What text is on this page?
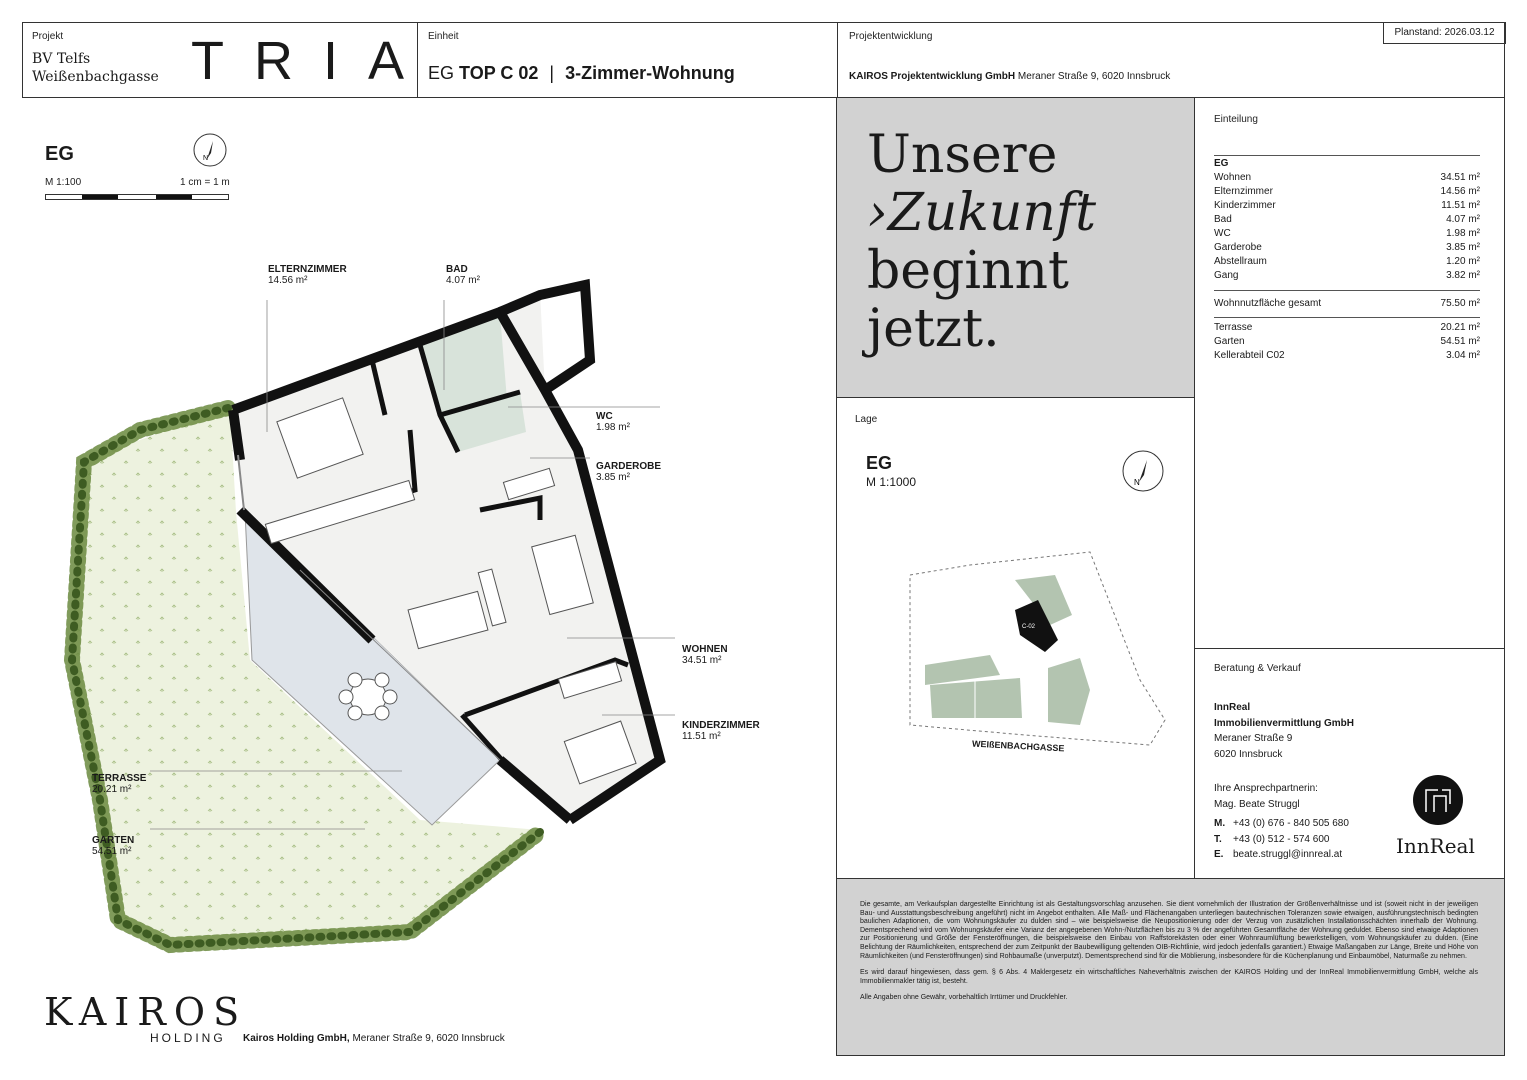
Projekt
BV Telfs
Weißenbachgasse TRIA
Einheit
EG TOP C 02 | 3-Zimmer-Wohnung
Projektentwicklung
KAIROS Projektentwicklung GmbH Meraner Straße 9, 6020 Innsbruck
Planstand: 2026.03.12
EG
M 1:100	1 cm = 1 m
N
ELTERNZIMMER
14.56 m²
BAD
4.07 m²
WC
1.98 m²
GARDEROBE
3.85 m²
WOHNEN
34.51 m²
KINDERZIMMER
11.51 m²
TERRASSE
20.21 m²
GARTEN
54.51 m²
KAIROS
HOLDING Kairos Holding GmbH, Meraner Straße 9, 6020 Innsbruck
Unsere
›Zukunft
beginnt
jetzt.
Lage
EG
M 1:1000	N
C-02
WEIßENBACHGASSE
Einteilung
EG
Wohnen	34.51 m²
Elternzimmer	14.56 m²
Kinderzimmer	11.51 m²
Bad	4.07 m²
WC	1.98 m²
Garderobe	3.85 m²
Abstellraum	1.20 m²
Gang	3.82 m²
Wohnnutzfläche gesamt	75.50 m²
Terrasse	20.21 m²
Garten	54.51 m²
Kellerabteil C02	3.04 m²
Beratung & Verkauf
InnReal
Immobilienvermittlung GmbH
Meraner Straße 9
6020 Innsbruck
Ihre Ansprechpartnerin:
Mag. Beate Struggl
M. +43 (0) 676 - 840 505 680
T. +43 (0) 512 - 574 600
E. beate.struggl@innreal.at	InnReal

Die gesamte, am Verkaufsplan dargestellte Einrichtung ist als Gestaltungsvorschlag anzusehen. Sie dient vornehmlich der Illustration der Größenverhältnisse und ist (soweit nicht in der jeweiligen Bau- und Ausstattungsbeschreibung angeführt) nicht im Angebot enthalten. Alle Maß- und Flächenangaben unterliegen bautechnischen Toleranzen sowie etwaigen, ausführungstechnisch bedingten baulichen Adaptionen, die vom Wohnungskäufer zu dulden sind – wie beispielsweise die Neupositionierung oder der Verzug von zusätzlichen Installationsschächten innerhalb der Wohnung. Dementsprechend wird vom Wohnungskäufer eine Varianz der angegebenen Wohn-/Nutzflächen bis zu 3 % der angeführten Gesamtfläche der Wohnung geduldet. Ebenso sind etwaige Adaptionen zur Positionierung und Größe der Fensteröffnungen, die beispielsweise den Einbau von Raffstorekästen oder einer Wohnraumlüftung bewerkstelligen, vom Wohnungskäufer zu dulden. (Eine Belichtung der Räumlichkeiten, entsprechend der zum Zeitpunkt der Baubewilligung geltenden OIB-Richtlinie, wird jedoch jedenfalls garantiert.) Etwaige Maßangaben zur Länge, Breite und Höhe von Räumlichkeiten (und Fensteröffnungen) sind Rohbaumaße (unverputzt). Dementsprechend sind für die Möblierung, insbesondere für die Küchenplanung und Einbaumöbel, Naturmaße zu nehmen.

Es wird darauf hingewiesen, dass gem. § 6 Abs. 4 Maklergesetz ein wirtschaftliches Naheverhältnis zwischen der KAIROS Holding und der InnReal Immobilienvermittlung GmbH, welche als Immobilienmakler tätig ist, besteht.

Alle Angaben ohne Gewähr, vorbehaltlich Irrtümer und Druckfehler.
